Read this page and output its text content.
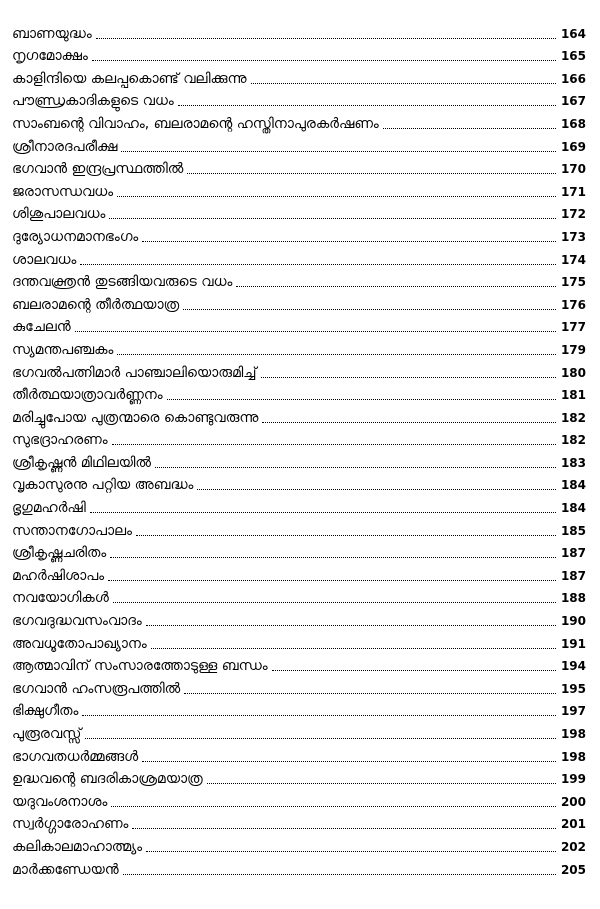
ബാണയുദ്ധം	164
നൃഗമോക്ഷം	165
കാളിന്ദിയെ കലപ്പകൊണ്ട് വലിക്കുന്നു	166
പൗണ്ഡ്രകാദികളുടെ വധം	167
സാംബന്റെ വിവാഹം, ബലരാമന്റെ ഹസ്തിനാപുരകർഷണം	168
ശ്രീനാരദപരീക്ഷ	169
ഭഗവാൻ ഇന്ദ്രപ്രസ്ഥത്തിൽ	170
ജരാസന്ധവധം	171
ശിശുപാലവധം	172
ദുര്യോധനമാനഭംഗം	173
ശാലവധം	174
ദന്തവക്ത്രൻ തുടങ്ങിയവരുടെ വധം	175
ബലരാമന്റെ തീർത്ഥയാത്ര	176
കുചേലൻ	177
സ്യമന്തപഞ്ചകം	179
ഭഗവൽപത്നിമാർ പാഞ്ചാലിയൊരുമിച്ച്	180
തീർത്ഥയാത്രാവർണ്ണനം	181
മരിച്ചുപോയ പുത്രന്മാരെ കൊണ്ടുവരുന്നു	182
സുഭദ്രാഹരണം	182
ശ്രീകൃഷ്ണൻ മിഥിലയിൽ	183
വൃകാസുരനു പറ്റിയ അബദ്ധം	184
ഭൃഗുമഹർഷി	184
സന്താനഗോപാലം	185
ശ്രീകൃഷ്ണചരിതം	187
മഹർഷിശാപം	187
നവയോഗികൾ	188
ഭഗവദുദ്ധവസംവാദം	190
അവധൂതോപാഖ്യാനം	191
ആത്മാവിന് സംസാരത്തോടുള്ള ബന്ധം	194
ഭഗവാൻ ഹംസരൂപത്തിൽ	195
ഭിക്ഷുഗീതം	197
പുരൂരവസ്സ്	198
ഭാഗവതധർമ്മങ്ങൾ	198
ഉദ്ധവന്റെ ബദരികാശ്രമയാത്ര	199
യദുവംശനാശം	200
സ്വർഗ്ഗാരോഹണം	201
കലികാലമാഹാത്മ്യം	202
മാർക്കണ്ഡേയൻ	205
